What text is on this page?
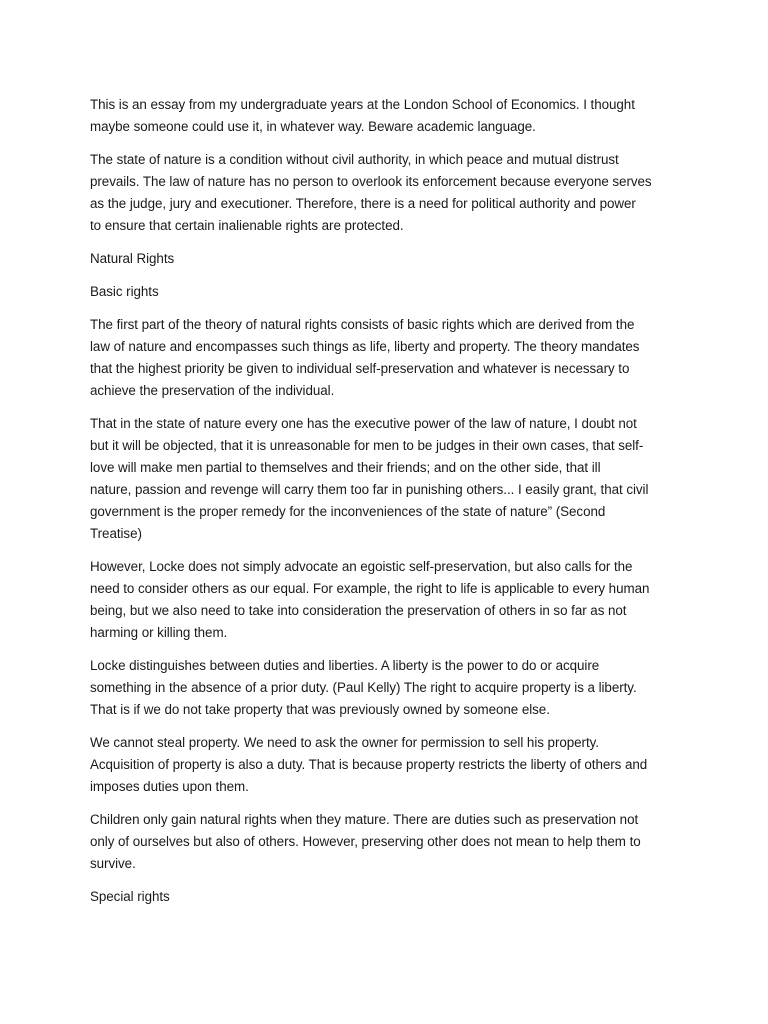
This is an essay from my undergraduate years at the London School of Economics. I thought
maybe someone could use it, in whatever way. Beware academic language.

The state of nature is a condition without civil authority, in which peace and mutual distrust
prevails. The law of nature has no person to overlook its enforcement because everyone serves
as the judge, jury and executioner. Therefore, there is a need for political authority and power
to ensure that certain inalienable rights are protected.

Natural Rights

Basic rights

The first part of the theory of natural rights consists of basic rights which are derived from the
law of nature and encompasses such things as life, liberty and property. The theory mandates
that the highest priority be given to individual self-preservation and whatever is necessary to
achieve the preservation of the individual.

That in the state of nature every one has the executive power of the law of nature, I doubt not
but it will be objected, that it is unreasonable for men to be judges in their own cases, that self-
love will make men partial to themselves and their friends; and on the other side, that ill
nature, passion and revenge will carry them too far in punishing others... I easily grant, that civil
government is the proper remedy for the inconveniences of the state of nature” (Second
Treatise)

However, Locke does not simply advocate an egoistic self-preservation, but also calls for the
need to consider others as our equal. For example, the right to life is applicable to every human
being, but we also need to take into consideration the preservation of others in so far as not
harming or killing them.

Locke distinguishes between duties and liberties. A liberty is the power to do or acquire
something in the absence of a prior duty. (Paul Kelly) The right to acquire property is a liberty.
That is if we do not take property that was previously owned by someone else.

We cannot steal property. We need to ask the owner for permission to sell his property.
Acquisition of property is also a duty. That is because property restricts the liberty of others and
imposes duties upon them.

Children only gain natural rights when they mature. There are duties such as preservation not
only of ourselves but also of others. However, preserving other does not mean to help them to
survive.

Special rights
